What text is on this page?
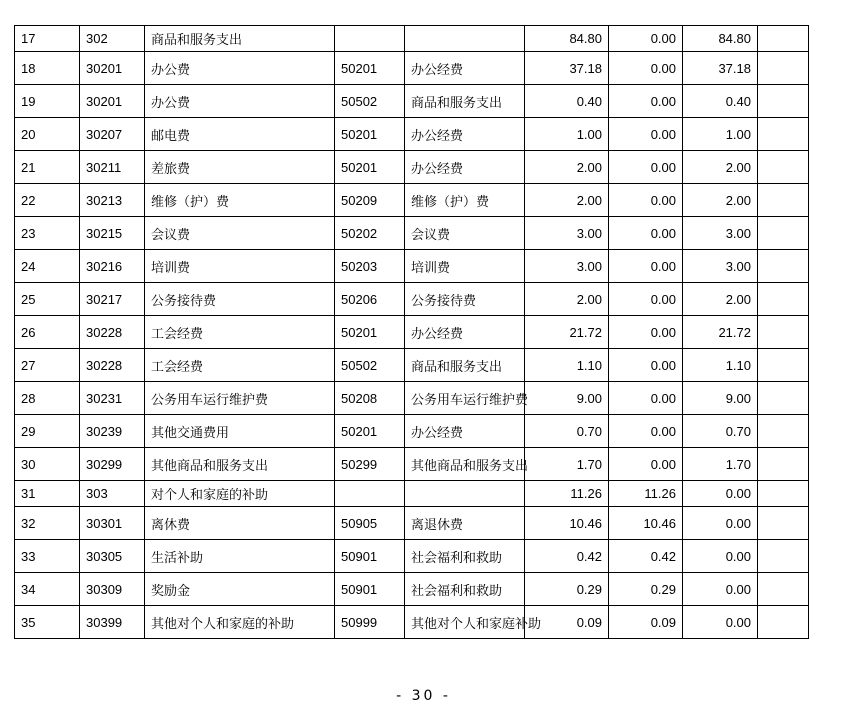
17	302	商品和服务支出			84.80	0.00	84.80	
18	30201	办公费	50201	办公经费	37.18	0.00	37.18	
19	30201	办公费	50502	商品和服务支出	0.40	0.00	0.40	
20	30207	邮电费	50201	办公经费	1.00	0.00	1.00	
21	30211	差旅费	50201	办公经费	2.00	0.00	2.00	
22	30213	维修（护）费	50209	维修（护）费	2.00	0.00	2.00	
23	30215	会议费	50202	会议费	3.00	0.00	3.00	
24	30216	培训费	50203	培训费	3.00	0.00	3.00	
25	30217	公务接待费	50206	公务接待费	2.00	0.00	2.00	
26	30228	工会经费	50201	办公经费	21.72	0.00	21.72	
27	30228	工会经费	50502	商品和服务支出	1.10	0.00	1.10	
28	30231	公务用车运行维护费	50208	公务用车运行维护费	9.00	0.00	9.00	
29	30239	其他交通费用	50201	办公经费	0.70	0.00	0.70	
30	30299	其他商品和服务支出	50299	其他商品和服务支出	1.70	0.00	1.70	
31	303	对个人和家庭的补助			11.26	11.26	0.00	
32	30301	离休费	50905	离退休费	10.46	10.46	0.00	
33	30305	生活补助	50901	社会福利和救助	0.42	0.42	0.00	
34	30309	奖励金	50901	社会福利和救助	0.29	0.29	0.00	
35	30399	其他对个人和家庭的补助	50999	其他对个人和家庭补助	0.09	0.09	0.00	
- 30 -
